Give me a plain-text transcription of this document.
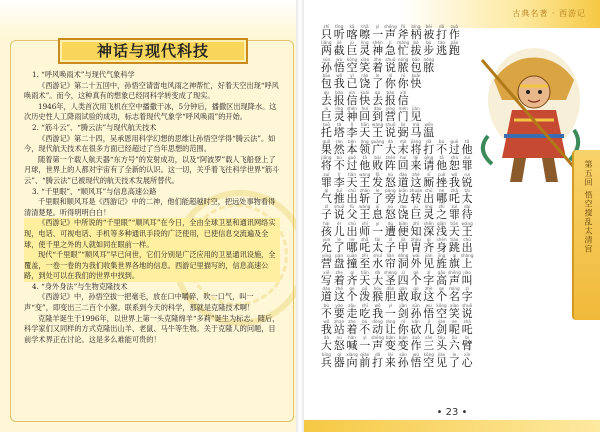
神话与现代科技

1. “呼风唤雨术”与现代气象科学

《西游记》第二十五回中，孙悟空请雷电风雨之神帮忙，好着天空出现“呼风唤雨术”。而今，这种真有的想象已经同科学转变成了现实。

1946年，人类首次用飞机在空中播撒干冰，5分钟后，播撒区出现降水。这次历史性人工降雨试验的成功，标志着现代气象学“呼风唤雨”的开始。

2. “筋斗云”、“腾云法”与现代航天技术

《西游记》第二十四，吴承恩用科学幻想的思维让孙悟空学得“腾云法”。如今，现代航天技术在很多方面已经超过了当年思想的范围。

随着第一个载人航天器“东方号”的发射成功，以及“阿波罗”载人飞船登上了月球，世界上的人都对宇宙有了全新的认识。这一切，关乎着飞往科学世界“筋斗云”、“腾云法”已被现代的航天技术发展所替代。

3. “千里眼”、“顺风耳”与信息高速公路

千里眼和顺风耳是《西游记》中的二神，他们能超越时空，把远处事物看得清清楚楚。听得明明白白！

《西游记》中所说的“千里眼”“顺风耳”在今日，全由全球卫星和通讯网络实现，电话、可视电话、手机等多种通讯手段的广泛使用，已使信息交流遍及全球，使千里之外的人就如同在眼前一样。

现代“千里眼”“顺风耳”早已问世，它们分别是广泛应用的卫星通讯设施，全覆盖，一卷一卷的为我们收集世界各地的信息。西游记里描写的，信息高速公路，到处可以在我们的世界中找到。

4. “身外身法”与生物克隆技术

《西游记》中，孙悟空拔一把毫毛，放在口中嚼碎，吹一口气，叫一声“变”，即变出三二百个小猴。联系到今天的科学，那就是克隆技术啊！

克隆羊诞生于1996年，以世界上第一头克隆绵羊“多莉”诞生为标志。随后，科学家们又同样的方式克隆出山羊、老鼠、马牛等生物。关于克隆人的问题，目前学术界正在讨论。这是多么难能可贵的！

古典名著 · 西游记
zhī
只
tīng
听
kā
喀
chā
嚓
yì
一
shēng
声
fǔ
斧
bǐng
柄
bèi
被
dǎ
打
zuò
作
liǎng
两
jié
截
jù
巨
líng
灵
shén
神
jí
急
máng
忙
bá
拔
bù
步
táo
逃
pǎo
跑
sūn
孙
wù
悟
kōng
空
xiào
笑
zhe
着
shuō
说
nóng
脓
bāo
包
nóng
脓
bāo
包
wǒ
我
yǐ
已
ráo
饶
le
了
nǐ
你
nǐ
你
kuài
快
qù
去
bào
报
xìn
信
kuài
快
qù
去
bào
报
xìn
信
jù
巨
líng
灵
shén
神
huí
回
dào
到
yíng
营
mén
门
jiàn
见
tuō
托
tǎ
塔
lǐ
李
tiān
天
wáng
王
shuō
说
bì
弼
mǎ
马
wēn
温
guǒ
果
rán
然
běn
本
lǐng
领
guǎng
广
dà
大
mò
末
jiàng
将
dǎ
打
bú
不
guò
过
tā
他
jiāng
将
bú
不
guò
过
tā
他
bài
败
zhèn
阵
huí
回
lái
来
qǐng
请
tā
他
shù
恕
zuì
罪
zuì
罪
lǐ
李
tiān
天
wáng
王
fā
发
nù
怒
dào
道
zhè
这
sī
厮
cuò
挫
wǒ
我
ruì
锐
qì
气
tuī
推
chū
出
zhǎn
斩
le
了
páng
旁
biān
边
zhuàn
转
chū
出
ne
哪
zhā
吒
tài
太
zǐ
子
shuō
说
fù
父
wáng
王
xī
息
nù
怒
ráo
饶
jù
巨
líng
灵
zhī
之
zuì
罪
dài
待
hái
孩
ér
儿
chū
出
shī
师
yí
一
dù
遭
biàn
便
zhī
知
shēn
深
qiǎn
浅
tiān
天
wáng
王
yǔn
允
le
了
ne
哪
zhā
吒
tài
太
zǐ
子
jiǎ
甲
zhòu
胄
qí
齐
shēn
身
tiào
跳
chū
出
yíng
营
pán
盘
cuàn
撞
zhì
至
shuǐ
水
lián
帘
dòng
洞
wài
外
jiàn
见
jǐng
旌
qí
旗
shàng
上
xiě
写
zhe
着
qí
齐
tiān
天
dà
大
shèng
圣
sì
四
gè
个
zì
字
gāo
高
shēng
声
jiào
叫
dào
道
zhè
这
ge
个
pō
泼
hóu
猴
dǎn
胆
gǎn
敢
qǔ
取
zhè
这
ge
个
míng
名
zì
字
bù
不
yào
要
zǒu
走
chī
吃
wǒ
我
yì
一
jiàn
剑
sūn
孙
wù
悟
kōng
空
xiào
笑
shuō
说
wǒ
我
zhàn
站
zhe
着
bú
不
dòng
动
ràng
让
nǐ
你
kǎn
砍
jǐ
几
jiàn
剑
ne
呢
zhā
吒
dà
大
nù
怒
hǎn
喊
yì
一
shēng
声
biàn
变
biàn
变
zuò
作
sān
三
tóu
头
liù
六
bì
臂
bīng
兵
qì
器
xiàng
向
qián
前
dǎ
打
lái
来
sūn
孙
wù
悟
kōng
空
jiàn
见
le
了
xīn
心
第五回 悟空搅乱太清宫
• 23 •
